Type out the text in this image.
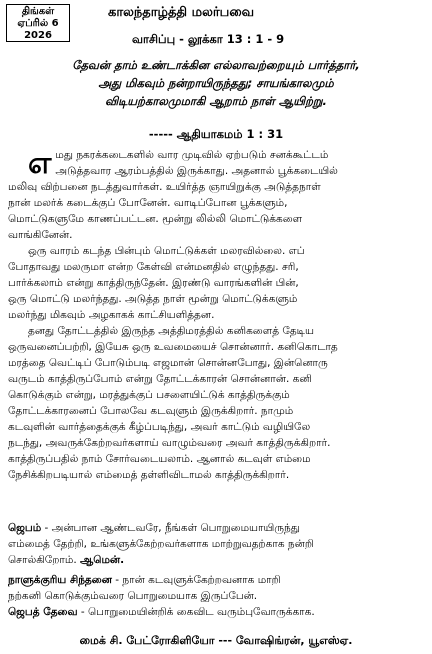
திங்கள்
ஏப்ரில் 6
2026
காலந்தாழ்த்தி மலர்பவை
வாசிப்பு - லூக்கா 13 : 1 - 9
தேவன் தாம் உண்டாக்கின எல்லாவற்றையும் பார்த்தார்,
அது மிகவும் நன்றாயிருந்தது; சாயங்காலமும்
விடியற்காலமுமாகி ஆறாம் நாள் ஆயிற்று.
----- ஆதியாகமம் 1 : 31

எ மது நகரக்கடைகளில் வார முடிவில் ஏற்படும் சனக்கூட்டம்
அடுத்தவார ஆரம்பத்தில் இருக்காது. அதனால் பூக்கடையில்
மலிவு விற்பனை நடத்துவார்கள். உயிர்த்த ஞாயிறுக்கு அடுத்தநாள்
நான் மலர்க் கடைக்குப் போனேன். வாடிப்போன பூக்களும்,
மொட்டுகளுமே காணப்பட்டன. மூன்று லில்லி மொட்டுக்களை
வாங்கினேன்.

ஒரு வாரம் கடந்த பின்பும் மொட்டுக்கள் மலரவில்லை. எப்
போதாவது மலருமா என்ற கேள்வி என்மனதில் எழுந்தது. சரி,
பார்க்கலாம் என்று காத்திருந்தேன். இரண்டு வாரங்களின் பின்,
ஒரு மொட்டு மலர்ந்தது. அடுத்த நாள் மூன்று மொட்டுக்களும்
மலர்ந்து மிகவும் அழகாகக் காட்சியளித்தன.

தனது தோட்டத்தில் இருந்த அத்திமரத்தில் கனிகளைத் தேடிய
ஒருவனைப்பற்றி, இயேசு ஒரு உவமையைச் சொன்னார். கனிகொடாத
மரத்தை வெட்டிப் போடும்படி எஜமான் சொன்னபோது, இன்னொரு
வருடம் காத்திருப்போம் என்று தோட்டக்காரன் சொன்னான். கனி
கொடுக்கும் என்று, மரத்துக்குப் பசளையிட்டுக் காத்திருக்கும்
தோட்டக்காரனைப் போலவே கடவுளும் இருக்கிறார். நாமும்
கடவுளின் வார்த்தைக்குக் கீழ்ப்படிந்து, அவர் காட்டும் வழியிலே
நடந்து, அவருக்கேற்றவர்களாய் வாழும்வரை அவர் காத்திருக்கிறார்.
காத்திருப்பதில் நாம் சோர்வடையலாம். ஆனால் கடவுள் எம்மை
நேசிக்கிறபடியால் எம்மைத் தள்ளிவிடாமல் காத்திருக்கிறார்.

ஜெபம் - அன்பான ஆண்டவரே, நீங்கள் பொறுமையாயிருந்து
எம்மைத் தேற்றி, உங்களுக்கேற்றவர்களாக மாற்றுவதற்காக நன்றி
சொல்கிறோம். ஆமென்.
நாளுக்குரிய சிந்தனை - நான் கடவுளுக்கேற்றவனாக மாறி
நற்கனி கொடுக்கும்வரை பொறுமையாக இருப்பேன்.
ஜெபத் தேவை - பொறுமையின்றிக் கைவிட வரும்புவோருக்காக.
மைக் சி. பேட்ரோகிளியோ --- வோஷிங்ரன், யூஎஸ்ஏ.
